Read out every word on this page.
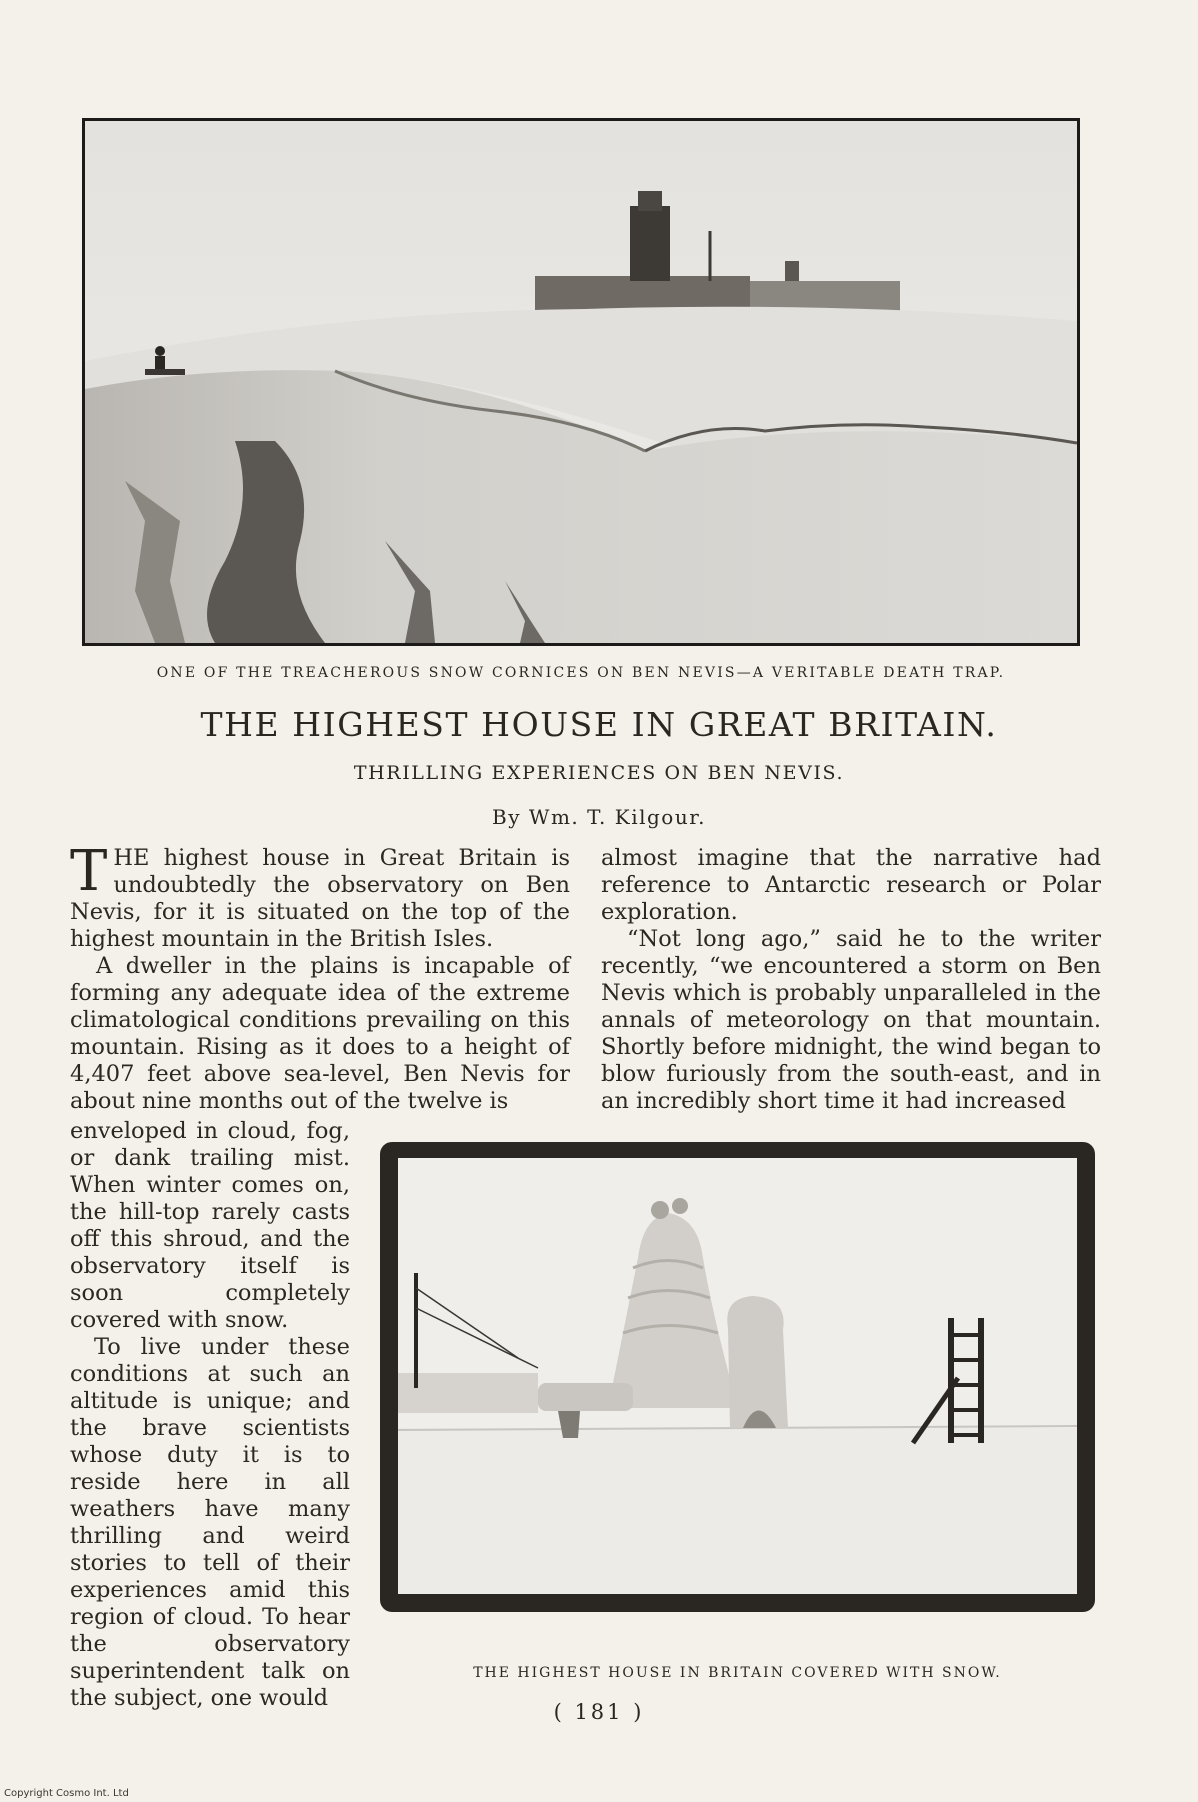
ONE OF THE TREACHEROUS SNOW CORNICES ON BEN NEVIS—A VERITABLE DEATH TRAP.
THE HIGHEST HOUSE IN GREAT BRITAIN.
THRILLING EXPERIENCES ON BEN NEVIS.
By Wm. T. Kilgour.

THE highest house in Great Britain is undoubtedly the observatory on Ben Nevis, for it is situated on the top of the highest mountain in the British Isles.

A dweller in the plains is incapable of forming any adequate idea of the extreme climatological conditions prevailing on this mountain. Rising as it does to a height of 4,407 feet above sea-level, Ben Nevis for about nine months out of the twelve is

enveloped in cloud, fog, or dank trailing mist. When winter comes on, the hill-top rarely casts off this shroud, and the observatory itself is soon completely covered with snow.

To live under these conditions at such an altitude is unique; and the brave scientists whose duty it is to reside here in all weathers have many thrilling and weird stories to tell of their experiences amid this region of cloud. To hear the observatory superintendent talk on the subject, one would

almost imagine that the narrative had reference to Antarctic research or Polar exploration.

“Not long ago,” said he to the writer recently, “we encountered a storm on Ben Nevis which is probably unparalleled in the annals of meteorology on that mountain. Shortly before midnight, the wind began to blow furiously from the south-east, and in an incredibly short time it had increased

THE HIGHEST HOUSE IN BRITAIN COVERED WITH SNOW.
( 181 )
Copyright Cosmo Int. Ltd
